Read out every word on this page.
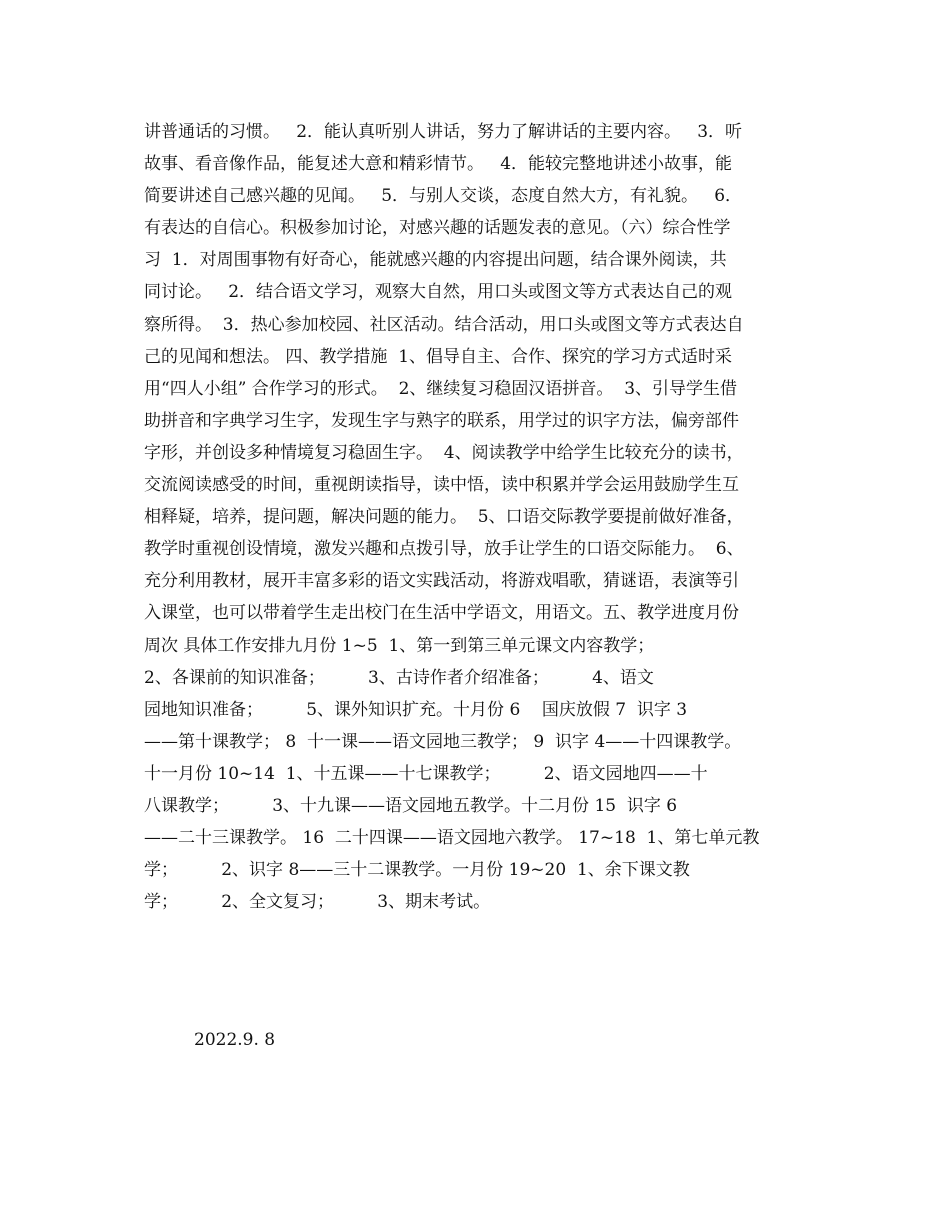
讲普通话的习惯。   2．能认真听别人讲话，努力了解讲话的主要内容。   3．听
故事、看音像作品，能复述大意和精彩情节。   4．能较完整地讲述小故事，能
简要讲述自己感兴趣的见闻。   5．与别人交谈，态度自然大方，有礼貌。   6．
有表达的自信心。积极参加讨论，对感兴趣的话题发表的意见。（六）综合性学
习  1．对周围事物有好奇心，能就感兴趣的内容提出问题，结合课外阅读，共
同讨论。   2．结合语文学习，观察大自然，用口头或图文等方式表达自己的观
察所得。  3．热心参加校园、社区活动。结合活动，用口头或图文等方式表达自
己的见闻和想法。 四、教学措施  1、倡导自主、合作、探究的学习方式适时采
用“四人小组” 合作学习的形式。  2、继续复习稳固汉语拼音。  3、引导学生借
助拼音和字典学习生字，发现生字与熟字的联系，用学过的识字方法，偏旁部件
字形，并创设多种情境复习稳固生字。  4、阅读教学中给学生比较充分的读书，
交流阅读感受的时间，重视朗读指导，读中悟，读中积累并学会运用鼓励学生互
相释疑，培养，提问题，解决问题的能力。  5、口语交际教学要提前做好准备，
教学时重视创设情境，激发兴趣和点拨引导，放手让学生的口语交际能力。  6、
充分利用教材，展开丰富多彩的语文实践活动，将游戏唱歌，猜谜语，表演等引
入课堂，也可以带着学生走出校门在生活中学语文，用语文。五、教学进度月份
周次 具体工作安排九月份 1~5  1、第一到第三单元课文内容教学；
2、各课前的知识准备；        3、古诗作者介绍准备；        4、语文
园地知识准备；        5、课外知识扩充。十月份 6    国庆放假 7  识字 3
——第十课教学； 8  十一课——语文园地三教学； 9  识字 4——十四课教学。
十一月份 10~14  1、十五课——十七课教学；        2、语文园地四——十
八课教学；        3、十九课——语文园地五教学。十二月份 15  识字 6
——二十三课教学。 16  二十四课——语文园地六教学。 17~18  1、第七单元教
学；        2、识字 8——三十二课教学。一月份 19~20  1、余下课文教
学；        2、全文复习；        3、期末考试。
2022.9. 8
